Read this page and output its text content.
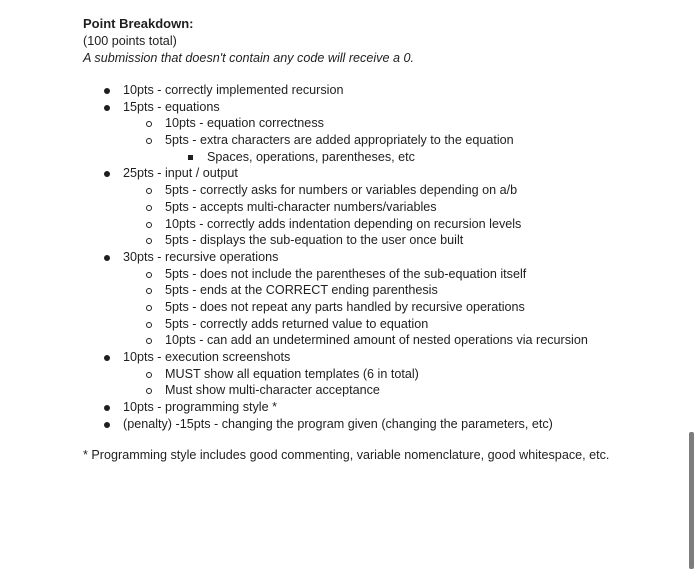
Point Breakdown:
(100 points total)
A submission that doesn't contain any code will receive a 0.
10pts - correctly implemented recursion
15pts - equations
10pts - equation correctness
5pts - extra characters are added appropriately to the equation
Spaces, operations, parentheses, etc
25pts - input / output
5pts - correctly asks for numbers or variables depending on a/b
5pts - accepts multi-character numbers/variables
10pts - correctly adds indentation depending on recursion levels
5pts - displays the sub-equation to the user once built
30pts - recursive operations
5pts - does not include the parentheses of the sub-equation itself
5pts - ends at the CORRECT ending parenthesis
5pts - does not repeat any parts handled by recursive operations
5pts - correctly adds returned value to equation
10pts - can add an undetermined amount of nested operations via recursion
10pts - execution screenshots
MUST show all equation templates (6 in total)
Must show multi-character acceptance
10pts - programming style *
(penalty) -15pts - changing the program given (changing the parameters, etc)
* Programming style includes good commenting, variable nomenclature, good whitespace, etc.
